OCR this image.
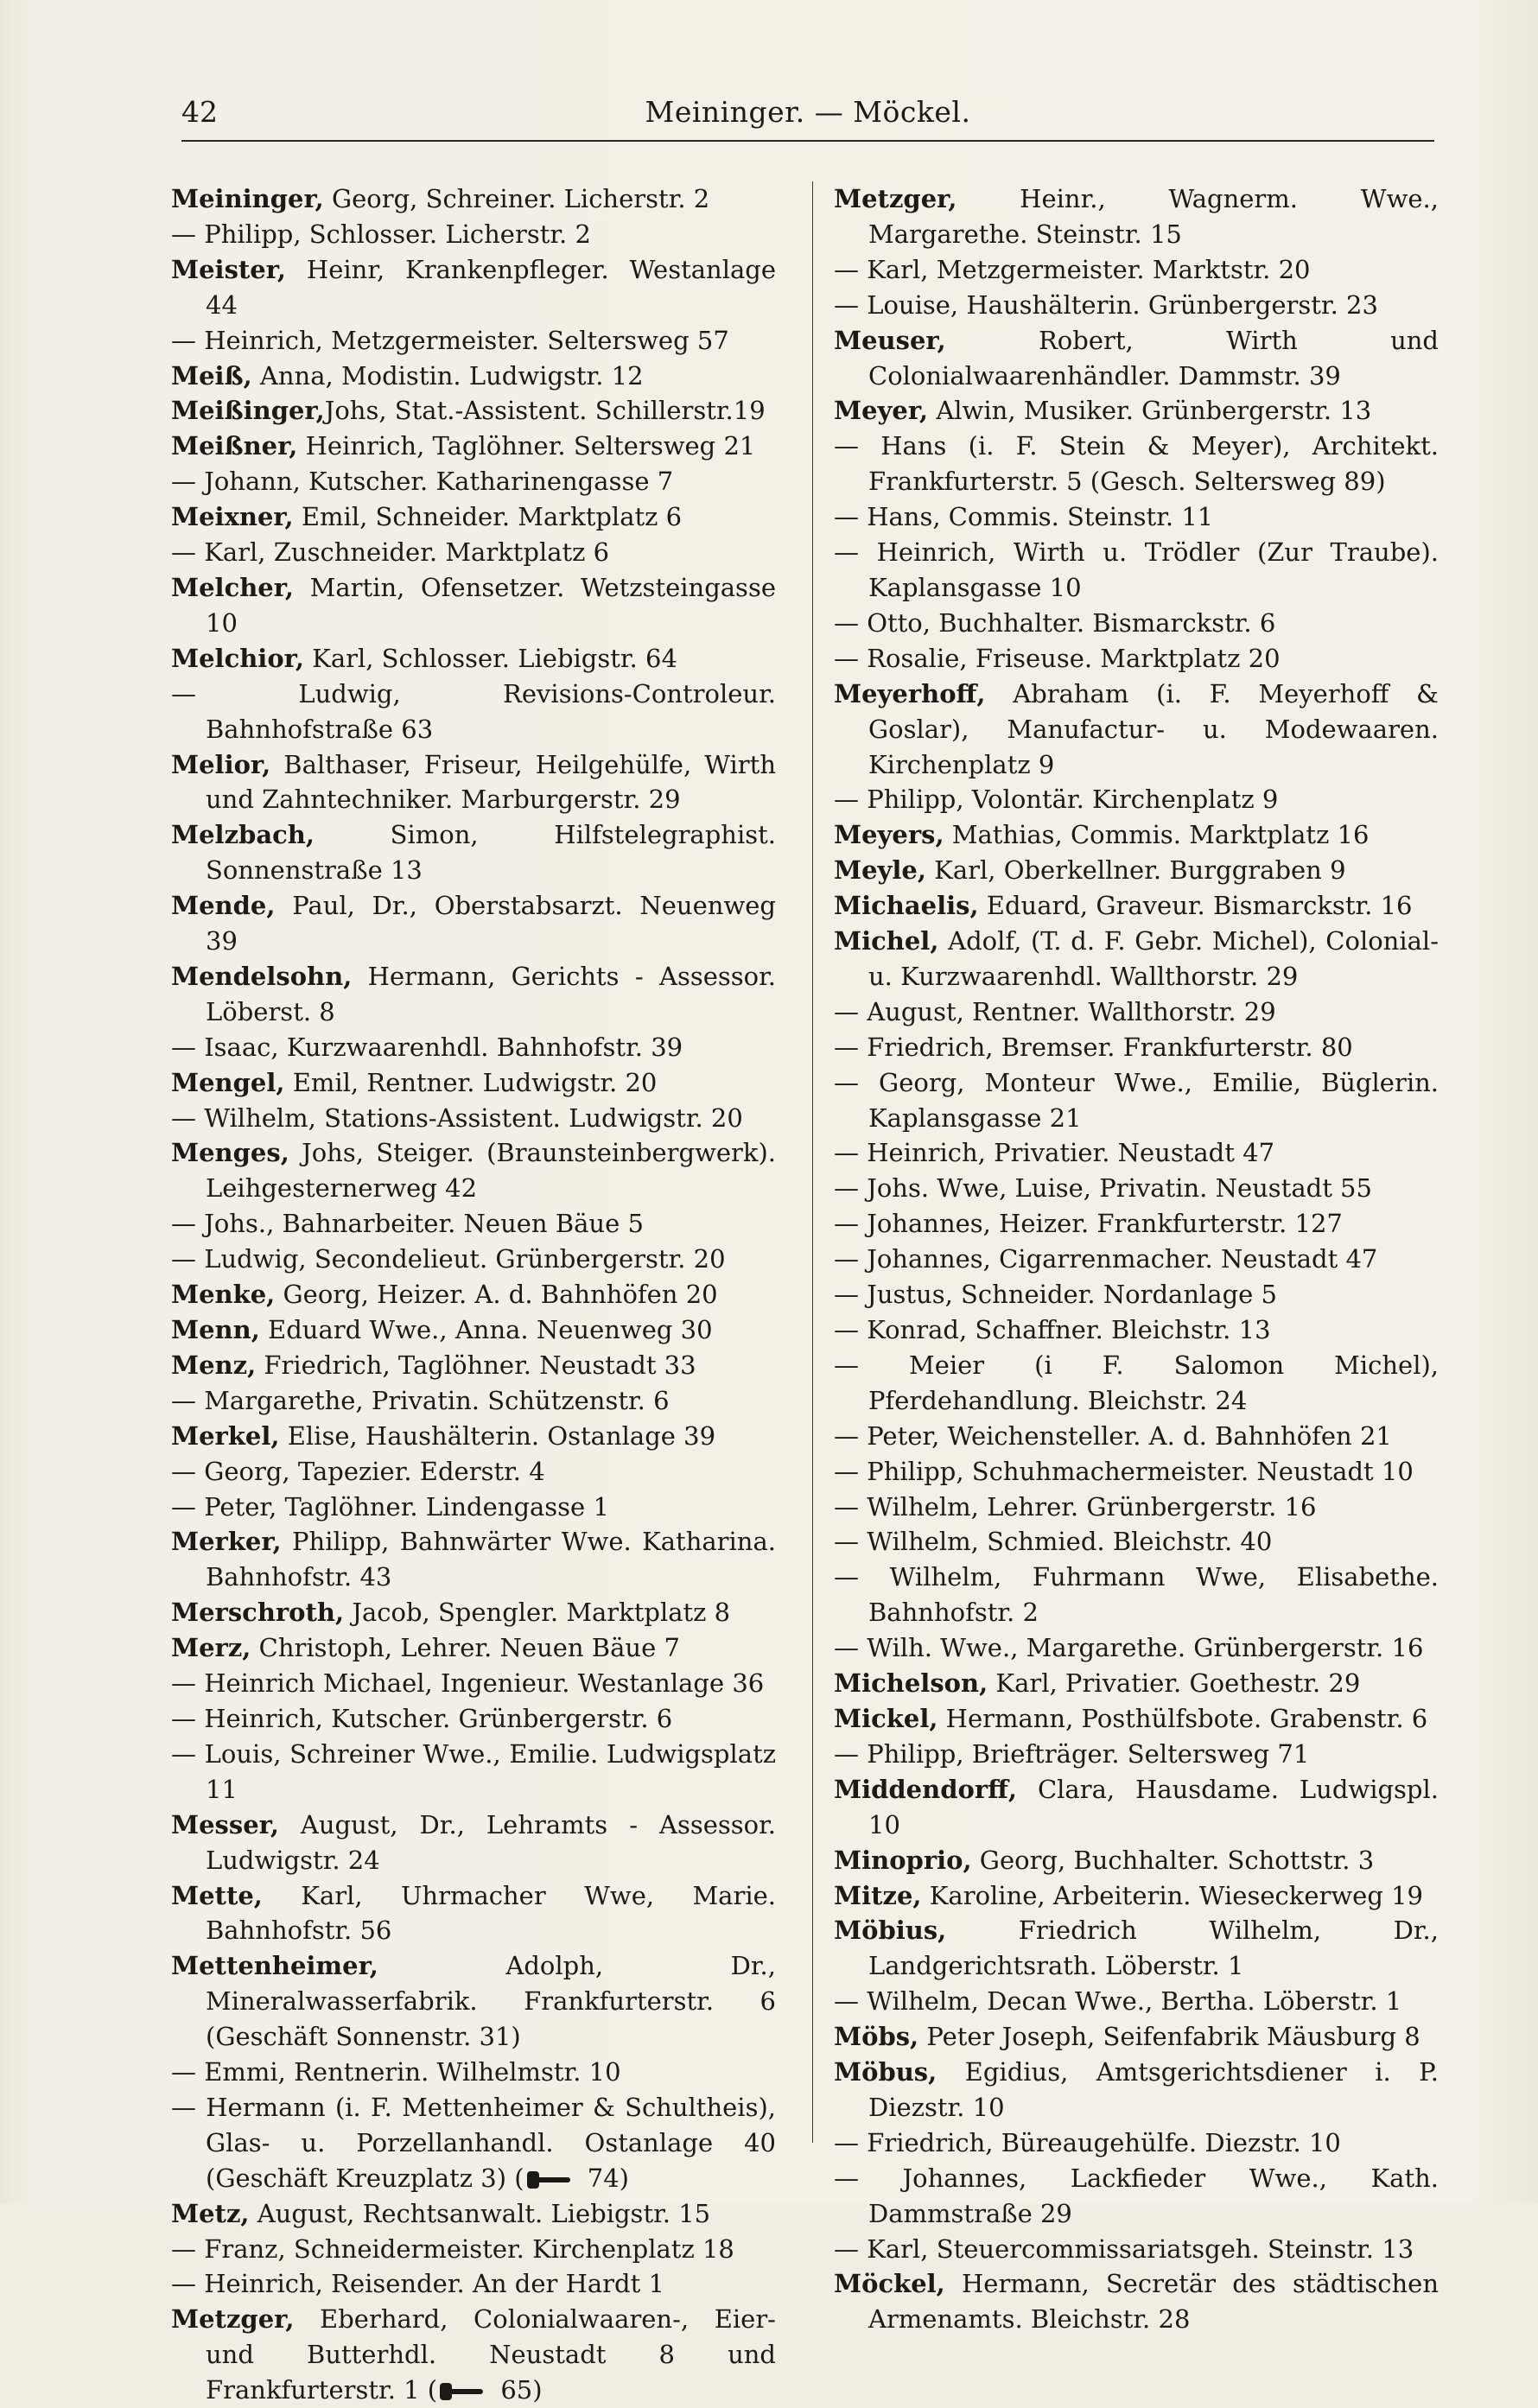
42	Meininger. — Möckel.

Meininger, Georg, Schreiner. Licherstr. 2

— Philipp, Schlosser. Licherstr. 2

Meister, Heinr, Krankenpfleger. Westanlage 44

— Heinrich, Metzgermeister. Seltersweg 57

Meiß, Anna, Modistin. Ludwigstr. 12

Meißinger,Johs, Stat.-Assistent. Schillerstr.19

Meißner, Heinrich, Taglöhner. Seltersweg 21

— Johann, Kutscher. Katharinengasse 7

Meixner, Emil, Schneider. Marktplatz 6

— Karl, Zuschneider. Marktplatz 6

Melcher, Martin, Ofensetzer. Wetzsteingasse 10

Melchior, Karl, Schlosser. Liebigstr. 64

— Ludwig, Revisions-Controleur. Bahnhofstraße 63

Melior, Balthaser, Friseur, Heilgehülfe, Wirth und Zahntechniker. Marburgerstr. 29

Melzbach, Simon, Hilfstelegraphist. Sonnenstraße 13

Mende, Paul, Dr., Oberstabsarzt. Neuenweg 39

Mendelsohn, Hermann, Gerichts - Assessor. Löberst. 8

— Isaac, Kurzwaarenhdl. Bahnhofstr. 39

Mengel, Emil, Rentner. Ludwigstr. 20

— Wilhelm, Stations-Assistent. Ludwigstr. 20

Menges, Johs, Steiger. (Braunsteinbergwerk). Leihgesternerweg 42

— Johs., Bahnarbeiter. Neuen Bäue 5

— Ludwig, Secondelieut. Grünbergerstr. 20

Menke, Georg, Heizer. A. d. Bahnhöfen 20

Menn, Eduard Wwe., Anna. Neuenweg 30

Menz, Friedrich, Taglöhner. Neustadt 33

— Margarethe, Privatin. Schützenstr. 6

Merkel, Elise, Haushälterin. Ostanlage 39

— Georg, Tapezier. Ederstr. 4

— Peter, Taglöhner. Lindengasse 1

Merker, Philipp, Bahnwärter Wwe. Katharina. Bahnhofstr. 43

Merschroth, Jacob, Spengler. Marktplatz 8

Merz, Christoph, Lehrer. Neuen Bäue 7

— Heinrich Michael, Ingenieur. Westanlage 36

— Heinrich, Kutscher. Grünbergerstr. 6

— Louis, Schreiner Wwe., Emilie. Ludwigsplatz 11

Messer, August, Dr., Lehramts - Assessor. Ludwigstr. 24

Mette, Karl, Uhrmacher Wwe, Marie. Bahnhofstr. 56

Mettenheimer, Adolph, Dr., Mineralwasserfabrik. Frankfurterstr. 6 (Geschäft Sonnenstr. 31)

— Emmi, Rentnerin. Wilhelmstr. 10

— Hermann (i. F. Mettenheimer & Schultheis), Glas- u. Porzellanhandl. Ostanlage 40 (Geschäft Kreuzplatz 3) ( 74)

Metz, August, Rechtsanwalt. Liebigstr. 15

— Franz, Schneidermeister. Kirchenplatz 18

— Heinrich, Reisender. An der Hardt 1

Metzger, Eberhard, Colonialwaaren-, Eier- und Butterhdl. Neustadt 8 und Frankfurterstr. 1 ( 65)

Metzger, Heinr., Wagnerm. Wwe., Margarethe. Steinstr. 15

— Karl, Metzgermeister. Marktstr. 20

— Louise, Haushälterin. Grünbergerstr. 23

Meuser, Robert, Wirth und Colonialwaarenhändler. Dammstr. 39

Meyer, Alwin, Musiker. Grünbergerstr. 13

— Hans (i. F. Stein & Meyer), Architekt. Frankfurterstr. 5 (Gesch. Seltersweg 89)

— Hans, Commis. Steinstr. 11

— Heinrich, Wirth u. Trödler (Zur Traube). Kaplansgasse 10

— Otto, Buchhalter. Bismarckstr. 6

— Rosalie, Friseuse. Marktplatz 20

Meyerhoff, Abraham (i. F. Meyerhoff & Goslar), Manufactur- u. Modewaaren. Kirchenplatz 9

— Philipp, Volontär. Kirchenplatz 9

Meyers, Mathias, Commis. Marktplatz 16

Meyle, Karl, Oberkellner. Burggraben 9

Michaelis, Eduard, Graveur. Bismarckstr. 16

Michel, Adolf, (T. d. F. Gebr. Michel), Colonial- u. Kurzwaarenhdl. Wallthorstr. 29

— August, Rentner. Wallthorstr. 29

— Friedrich, Bremser. Frankfurterstr. 80

— Georg, Monteur Wwe., Emilie, Büglerin. Kaplansgasse 21

— Heinrich, Privatier. Neustadt 47

— Johs. Wwe, Luise, Privatin. Neustadt 55

— Johannes, Heizer. Frankfurterstr. 127

— Johannes, Cigarrenmacher. Neustadt 47

— Justus, Schneider. Nordanlage 5

— Konrad, Schaffner. Bleichstr. 13

— Meier (i F. Salomon Michel), Pferdehandlung. Bleichstr. 24

— Peter, Weichensteller. A. d. Bahnhöfen 21

— Philipp, Schuhmachermeister. Neustadt 10

— Wilhelm, Lehrer. Grünbergerstr. 16

— Wilhelm, Schmied. Bleichstr. 40

— Wilhelm, Fuhrmann Wwe, Elisabethe. Bahnhofstr. 2

— Wilh. Wwe., Margarethe. Grünbergerstr. 16

Michelson, Karl, Privatier. Goethestr. 29

Mickel, Hermann, Posthülfsbote. Grabenstr. 6

— Philipp, Briefträger. Seltersweg 71

Middendorff, Clara, Hausdame. Ludwigspl. 10

Minoprio, Georg, Buchhalter. Schottstr. 3

Mitze, Karoline, Arbeiterin. Wieseckerweg 19

Möbius, Friedrich Wilhelm, Dr., Landgerichtsrath. Löberstr. 1

— Wilhelm, Decan Wwe., Bertha. Löberstr. 1

Möbs, Peter Joseph, Seifenfabrik Mäusburg 8

Möbus, Egidius, Amtsgerichtsdiener i. P. Diezstr. 10

— Friedrich, Büreaugehülfe. Diezstr. 10

— Johannes, Lackfieder Wwe., Kath. Dammstraße 29

— Karl, Steuercommissariatsgeh. Steinstr. 13

Möckel, Hermann, Secretär des städtischen Armenamts. Bleichstr. 28
